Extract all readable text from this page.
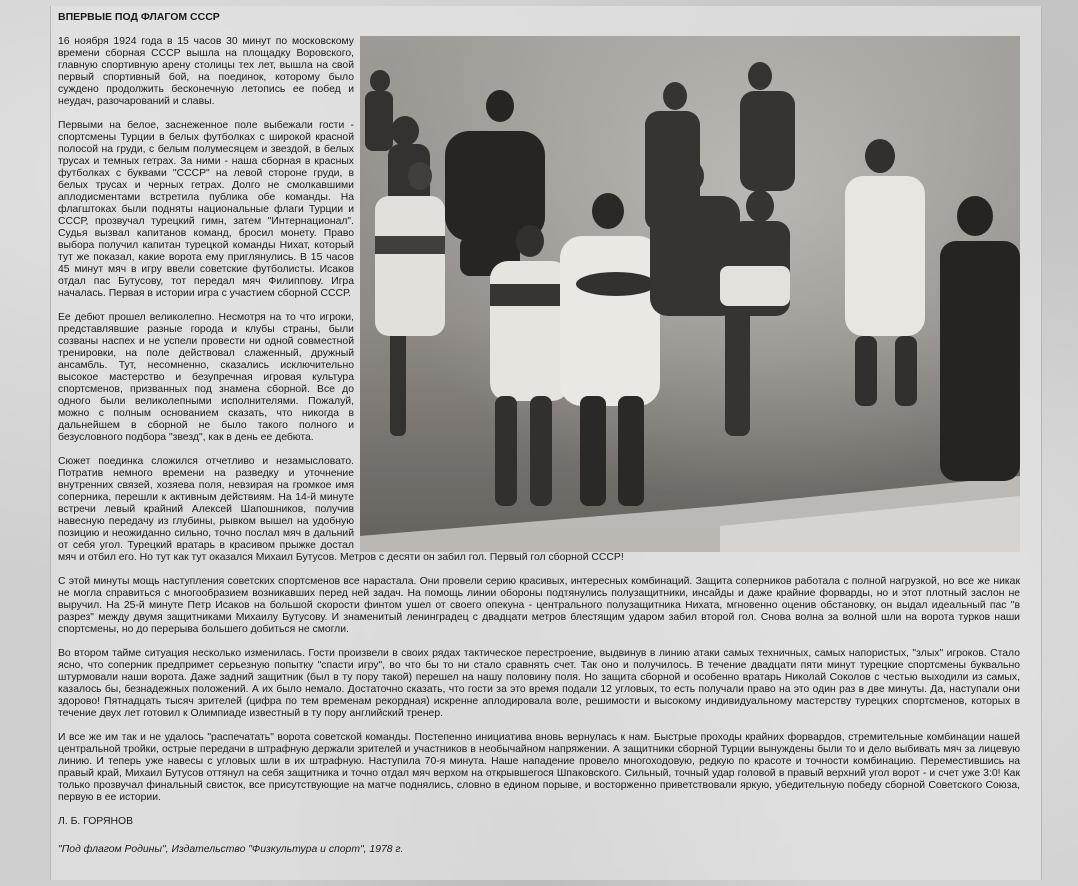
ВПЕРВЫЕ ПОД ФЛАГОМ СССР

16 ноября 1924 года в 15 часов 30 минут по московскому времени сборная СССР вышла на площадку Воровского, главную спортивную арену столицы тех лет, вышла на свой первый спортивный бой, на поединок, которому было суждено продолжить бесконечную летопись ее побед и неудач, разочарований и славы.

Первыми на белое, заснеженное поле выбежали гости - спортсмены Турции в белых футболках с широкой красной полосой на груди, с белым полумесяцем и звездой, в белых трусах и темных гетрах. За ними - наша сборная в красных футболках с буквами "СССР" на левой стороне груди, в белых трусах и черных гетрах. Долго не смолкавшими аплодисментами встретила публика обе команды. На флагштоках были подняты национальные флаги Турции и СССР, прозвучал турецкий гимн, затем "Интернационал". Судья вызвал капитанов команд, бросил монету. Право выбора получил капитан турецкой команды Нихат, который тут же показал, какие ворота ему приглянулись. В 15 часов 45 минут мяч в игру ввели советские футболисты. Исаков отдал пас Бутусову, тот передал мяч Филиппову. Игра началась. Первая в истории игра с участием сборной СССР.

Ее дебют прошел великолепно. Несмотря на то что игроки, представлявшие разные города и клубы страны, были созваны наспех и не успели провести ни одной совместной тренировки, на поле действовал слаженный, дружный ансамбль. Тут, несомненно, сказались исключительно высокое мастерство и безупречная игровая культура спортсменов, призванных под знамена сборной. Все до одного были великолепными исполнителями. Пожалуй, можно с полным основанием сказать, что никогда в дальнейшем в сборной не было такого полного и безусловного подбора "звезд", как в день ее дебюта.

Сюжет поединка сложился отчетливо и незамысловато. Потратив немного времени на разведку и уточнение внутренних связей, хозяева поля, невзирая на громкое имя соперника, перешли к активным действиям. На 14-й минуте встречи левый крайний Алексей Шапошников, получив навесную передачу из глубины, рывком вышел на удобную позицию и неожиданно сильно, точно послал мяч в дальний от себя угол. Турецкий вратарь в красивом прыжке достал мяч и отбил его. Но тут как тут оказался Михаил Бутусов. Метров с десяти он забил гол. Первый гол сборной СССР!

С этой минуты мощь наступления советских спортсменов все нарастала. Они провели серию красивых, интересных комбинаций. Защита соперников работала с полной нагрузкой, но все же никак не могла справиться с многообразием возникавших перед ней задач. На помощь линии обороны подтянулись полузащитники, инсайды и даже крайние форварды, но и этот плотный заслон не выручил. На 25-й минуте Петр Исаков на большой скорости финтом ушел от своего опекуна - центрального полузащитника Нихата, мгновенно оценив обстановку, он выдал идеальный пас "в разрез" между двумя защитниками Михаилу Бутусову. И знаменитый ленинградец с двадцати метров блестящим ударом забил второй гол. Снова волна за волной шли на ворота турков наши спортсмены, но до перерыва большего добиться не смогли.

Во втором тайме ситуация несколько изменилась. Гости произвели в своих рядах тактическое перестроение, выдвинув в линию атаки самых техничных, самых напористых, "злых" игроков. Стало ясно, что соперник предпримет серьезную попытку "спасти игру", во что бы то ни стало сравнять счет. Так оно и получилось. В течение двадцати пяти минут турецкие спортсмены буквально штурмовали наши ворота. Даже задний защитник (был в ту пору такой) перешел на нашу половину поля. Но защита сборной и особенно вратарь Николай Соколов с честью выходили из самых, казалось бы, безнадежных положений. А их было немало. Достаточно сказать, что гости за это время подали 12 угловых, то есть получали право на это один раз в две минуты. Да, наступали они здорово! Пятнадцать тысяч зрителей (цифра по тем временам рекордная) искренне аплодировала воле, решимости и высокому индивидуальному мастерству турецких спортсменов, которых в течение двух лет готовил к Олимпиаде известный в ту пору английский тренер.

И все же им так и не удалось "распечатать" ворота советской команды. Постепенно инициатива вновь вернулась к нам. Быстрые проходы крайних форвардов, стремительные комбинации нашей центральной тройки, острые передачи в штрафную держали зрителей и участников в необычайном напряжении. А защитники сборной Турции вынуждены были то и дело выбивать мяч за лицевую линию. И теперь уже навесы с угловых шли в их штрафную. Наступила 70-я минута. Наше нападение провело многоходовую, редкую по красоте и точности комбинацию. Переместившись на правый край, Михаил Бутусов оттянул на себя защитника и точно отдал мяч верхом на открывшегося Шпаковского. Сильный, точный удар головой в правый верхний угол ворот - и счет уже 3:0! Как только прозвучал финальный свисток, все присутствующие на матче поднялись, словно в едином порыве, и восторженно приветствовали яркую, убедительную победу сборной Советского Союза, первую в ее истории.

Л. Б. ГОРЯНОВ

"Под флагом Родины", Издательство "Физкультура и спорт", 1978 г.
